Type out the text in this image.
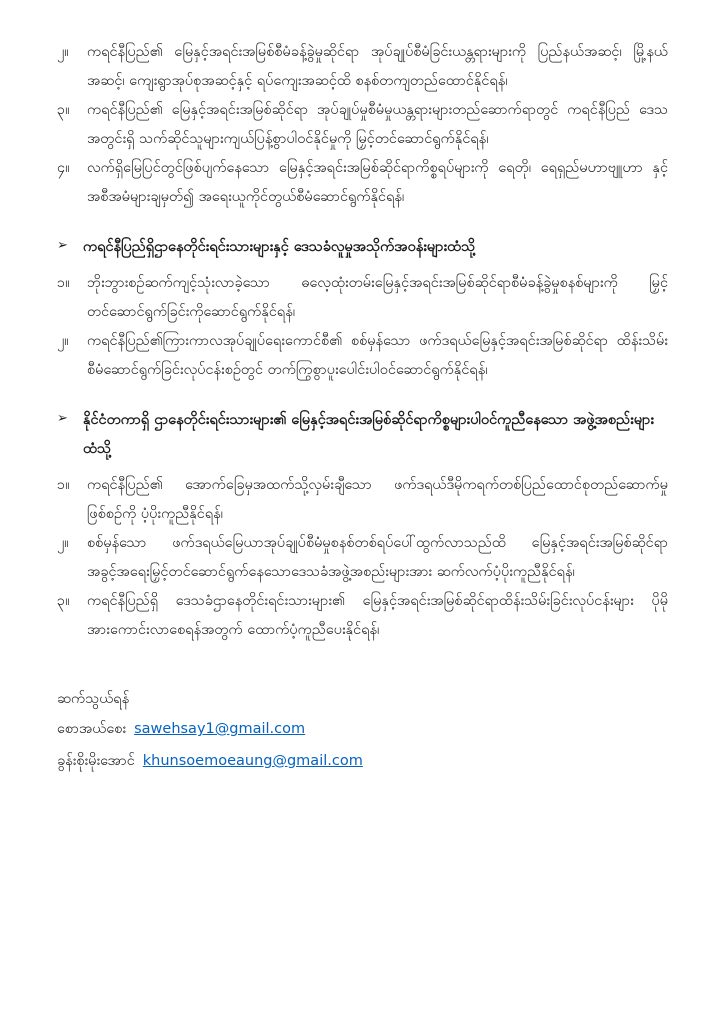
၂။	ကရင်နီပြည်၏ မြေနှင့်အရင်းအမြစ်စီမံခန့်ခွဲမှုဆိုင်ရာ အုပ်ချုပ်စီမံခြင်းယန္တရားများကို ပြည်နယ်အဆင့်၊ မြို့နယ်အဆင့်၊ ကျေးရွာအုပ်စုအဆင့်နှင့် ရပ်ကျေးအဆင့်ထိ စနစ်တကျတည်ထောင်နိုင်ရန်၊
၃။	ကရင်နီပြည်၏ မြေနှင့်အရင်းအမြစ်ဆိုင်ရာ အုပ်ချုပ်မှုစီမံမှုယန္တရားများတည်ဆောက်ရာတွင် ကရင်နီပြည် ဒေသအတွင်းရှိ သက်ဆိုင်သူများကျယ်ပြန့်စွာပါဝင်နိုင်မှုကို မြှင့်တင်ဆောင်ရွက်နိုင်ရန်၊
၄။	လက်ရှိမြေပြင်တွင်ဖြစ်ပျက်နေသော မြေနှင့်အရင်းအမြစ်ဆိုင်ရာကိစ္စရပ်များကို ရေတို၊ ရေရှည်မဟာဗျူဟာ နှင့် အစီအမံများချမှတ်၍ အရေးယူကိုင်တွယ်စီမံဆောင်ရွက်နိုင်ရန်၊
➢	ကရင်နီပြည်ရှိဌာနေတိုင်းရင်းသားများနှင့် ဒေသခံလူမှုအသိုက်အဝန်းများထံသို့
၁။	ဘိုးဘွားစဉ်ဆက်ကျင့်သုံးလာခဲ့သော ဓလေ့ထုံးတမ်းမြေနှင့်အရင်းအမြစ်ဆိုင်ရာစီမံခန့်ခွဲမှုစနစ်များကို မြှင့်တင်ဆောင်ရွက်ခြင်းကိုဆောင်ရွက်နိုင်ရန်၊
၂။	ကရင်နီပြည်၏ကြားကာလအုပ်ချုပ်ရေးကောင်စီ၏ စစ်မှန်သော ဖက်ဒရယ်မြေနှင့်အရင်းအမြစ်ဆိုင်ရာ ထိန်းသိမ်းစီမံဆောင်ရွက်ခြင်းလုပ်ငန်းစဉ်တွင် တက်ကြွစွာပူးပေါင်းပါဝင်ဆောင်ရွက်နိုင်ရန်၊
➢	နိုင်ငံတကာရှိ ဌာနေတိုင်းရင်းသားများ၏ မြေနှင့်အရင်းအမြစ်ဆိုင်ရာကိစ္စများပါဝင်ကူညီနေသော အဖွဲ့အစည်းများထံသို့
၁။	ကရင်နီပြည်၏ အောက်ခြေမှအထက်သို့လှမ်းချီသော ဖက်ဒရယ်ဒီမိုကရက်တစ်ပြည်ထောင်စုတည်ဆောက်မှု ဖြစ်စဉ်ကို ပံ့ပိုးကူညီနိုင်ရန်၊
၂။	စစ်မှန်သော ဖက်ဒရယ်မြေယာအုပ်ချုပ်စီမံမှုစနစ်တစ်ရပ်ပေါ်ထွက်လာသည်ထိ မြေနှင့်အရင်းအမြစ်ဆိုင်ရာ အခွင့်အရေးမြှင့်တင်ဆောင်ရွက်နေသောဒေသခံအဖွဲ့အစည်းများအား ဆက်လက်ပံ့ပိုးကူညီနိုင်ရန်၊
၃။	ကရင်နီပြည်ရှိ ဒေသခံဌာနေတိုင်းရင်းသားများ၏ မြေနှင့်အရင်းအမြစ်ဆိုင်ရာထိန်းသိမ်းခြင်းလုပ်ငန်းများ ပိုမိုအားကောင်းလာစေရန်အတွက် ထောက်ပံ့ကူညီပေးနိုင်ရန်၊
ဆက်သွယ်ရန်
စောအယ်စေး sawehsay1@gmail.com
ခွန်းစိုးမိုးအောင် khunsoemoeaung@gmail.com
